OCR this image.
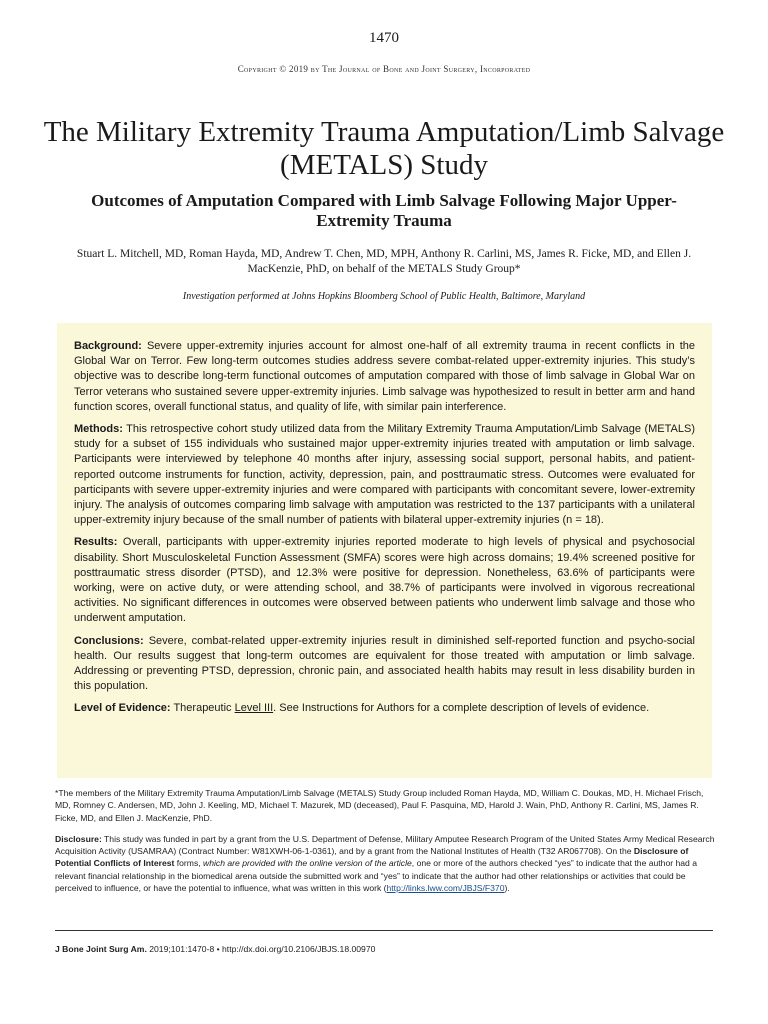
1470
Copyright © 2019 by The Journal of Bone and Joint Surgery, Incorporated
The Military Extremity Trauma Amputation/Limb Salvage (METALS) Study
Outcomes of Amputation Compared with Limb Salvage Following Major Upper-Extremity Trauma

Stuart L. Mitchell, MD, Roman Hayda, MD, Andrew T. Chen, MD, MPH, Anthony R. Carlini, MS, James R. Ficke, MD, and Ellen J. MacKenzie, PhD, on behalf of the METALS Study Group*

Investigation performed at Johns Hopkins Bloomberg School of Public Health, Baltimore, Maryland

Background: Severe upper-extremity injuries account for almost one-half of all extremity trauma in recent conflicts in the Global War on Terror. Few long-term outcomes studies address severe combat-related upper-extremity injuries. This study’s objective was to describe long-term functional outcomes of amputation compared with those of limb salvage in Global War on Terror veterans who sustained severe upper-extremity injuries. Limb salvage was hypothesized to result in better arm and hand function scores, overall functional status, and quality of life, with similar pain interference.

Methods: This retrospective cohort study utilized data from the Military Extremity Trauma Amputation/Limb Salvage (METALS) study for a subset of 155 individuals who sustained major upper-extremity injuries treated with amputation or limb salvage. Participants were interviewed by telephone 40 months after injury, assessing social support, personal habits, and patient-reported outcome instruments for function, activity, depression, pain, and posttraumatic stress. Outcomes were evaluated for participants with severe upper-extremity injuries and were compared with participants with concomitant severe, lower-extremity injury. The analysis of outcomes comparing limb salvage with amputation was restricted to the 137 participants with a unilateral upper-extremity injury because of the small number of patients with bilateral upper-extremity injuries (n = 18).

Results: Overall, participants with upper-extremity injuries reported moderate to high levels of physical and psychosocial disability. Short Musculoskeletal Function Assessment (SMFA) scores were high across domains; 19.4% screened positive for posttraumatic stress disorder (PTSD), and 12.3% were positive for depression. Nonetheless, 63.6% of participants were working, were on active duty, or were attending school, and 38.7% of participants were involved in vigorous recreational activities. No significant differences in outcomes were observed between patients who underwent limb salvage and those who underwent amputation.

Conclusions: Severe, combat-related upper-extremity injuries result in diminished self-reported function and psycho-social health. Our results suggest that long-term outcomes are equivalent for those treated with amputation or limb salvage. Addressing or preventing PTSD, depression, chronic pain, and associated health habits may result in less disability burden in this population.

Level of Evidence: Therapeutic Level III. See Instructions for Authors for a complete description of levels of evidence.

*The members of the Military Extremity Trauma Amputation/Limb Salvage (METALS) Study Group included Roman Hayda, MD, William C. Doukas, MD, H. Michael Frisch, MD, Romney C. Andersen, MD, John J. Keeling, MD, Michael T. Mazurek, MD (deceased), Paul F. Pasquina, MD, Harold J. Wain, PhD, Anthony R. Carlini, MS, James R. Ficke, MD, and Ellen J. MacKenzie, PhD.

Disclosure: This study was funded in part by a grant from the U.S. Department of Defense, Military Amputee Research Program of the United States Army Medical Research Acquisition Activity (USAMRAA) (Contract Number: W81XWH-06-1-0361), and by a grant from the National Institutes of Health (T32 AR067708). On the Disclosure of Potential Conflicts of Interest forms, which are provided with the online version of the article, one or more of the authors checked “yes” to indicate that the author had a relevant financial relationship in the biomedical arena outside the submitted work and “yes” to indicate that the author had other relationships or activities that could be perceived to influence, or have the potential to influence, what was written in this work (http://links.lww.com/JBJS/F370).

J Bone Joint Surg Am. 2019;101:1470-8 • http://dx.doi.org/10.2106/JBJS.18.00970
